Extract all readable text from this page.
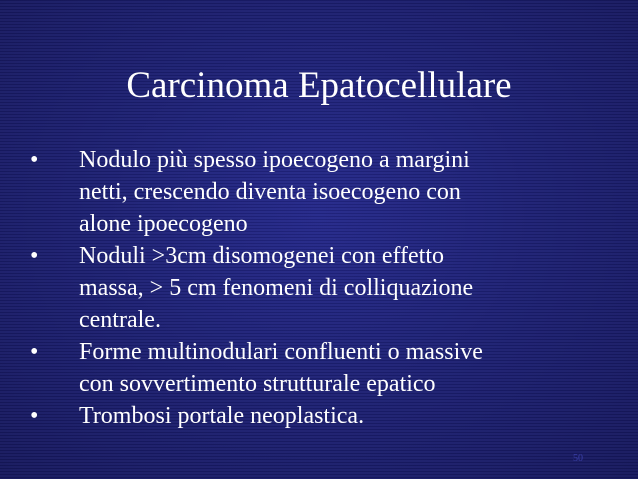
Carcinoma Epatocellulare
•	Nodulo più spesso ipoecogeno a margini
netti, crescendo diventa isoecogeno con
alone ipoecogeno
•	Noduli >3cm disomogenei con effetto
massa, > 5 cm fenomeni di colliquazione
centrale.
•	Forme multinodulari confluenti o massive
con sovvertimento strutturale epatico
•	Trombosi portale neoplastica.
50
